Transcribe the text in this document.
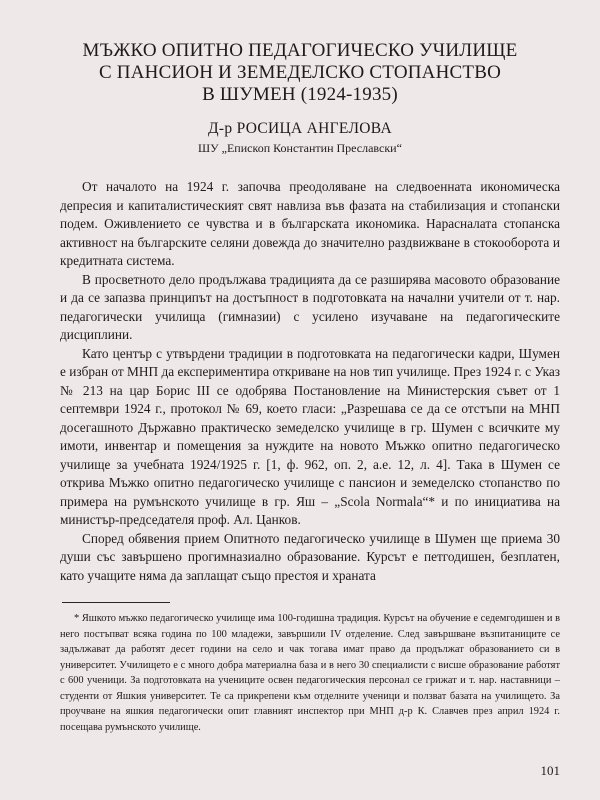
МЪЖКО ОПИТНО ПЕДАГОГИЧЕСКО УЧИЛИЩЕ
С ПАНСИОН И ЗЕМЕДЕЛСКО СТОПАНСТВО
В ШУМЕН (1924-1935)
Д-р РОСИЦА АНГЕЛОВА
ШУ „Епископ Константин Преславски“

От началото на 1924 г. започва преодоляване на следвоенната икономическа депресия и капиталистическият свят навлиза във фазата на стабилизация и стопански подем. Оживлението се чувства и в българската икономика. Нарасналата стопанска активност на българските селяни довежда до значително раздвижване в стокооборота и кредитната система.

В просветното дело продължава традицията да се разширява масовото образование и да се запазва принципът на достъпност в подготовката на начални учители от т. нар. педагогически училища (гимназии) с усилено изучаване на педагогическите дисциплини.

Като център с утвърдени традиции в подготовката на педагогически кадри, Шумен е избран от МНП да експериментира откриване на нов тип училище. През 1924 г. с Указ № 213 на цар Борис III се одобрява Постановление на Министерския съвет от 1 септември 1924 г., протокол № 69, което гласи: „Разрешава се да се отстъпи на МНП досегашното Държавно практическо земеделско училище в гр. Шумен с всичките му имоти, инвентар и помещения за нуждите на новото Мъжко опитно педагогическо училище за учебната 1924/1925 г. [1, ф. 962, оп. 2, а.е. 12, л. 4]. Така в Шумен се открива Мъжко опитно педагогическо училище с пансион и земеделско стопанство по примера на румънското училище в гр. Яш – „Scola Normala“* и по инициатива на министър-председателя проф. Ал. Цанков.

Според обявения прием Опитното педагогическо училище в Шумен ще приема 30 души със завършено прогимназиално образование. Курсът е петгодишен, безплатен, като учащите няма да заплащат също престоя и храната

* Яшкото мъжко педагогическо училище има 100-годишна традиция. Курсът на обучение е седемгодишен и в него постъпват всяка година по 100 младежи, завършили IV отделение. След завършване възпитаниците се задължават да работят десет години на село и чак тогава имат право да продължат образованието си в университет. Училището е с много добра материална база и в него 30 специалисти с висше образование работят с 600 ученици. За подготовката на учениците освен педагогическия персонал се грижат и т. нар. наставници – студенти от Яшкия университет. Те са прикрепени към отделните ученици и ползват базата на училището. За проучване на яшкия педагогически опит главният инспектор при МНП д-р К. Славчев през април 1924 г. посещава румънското училище.

101
